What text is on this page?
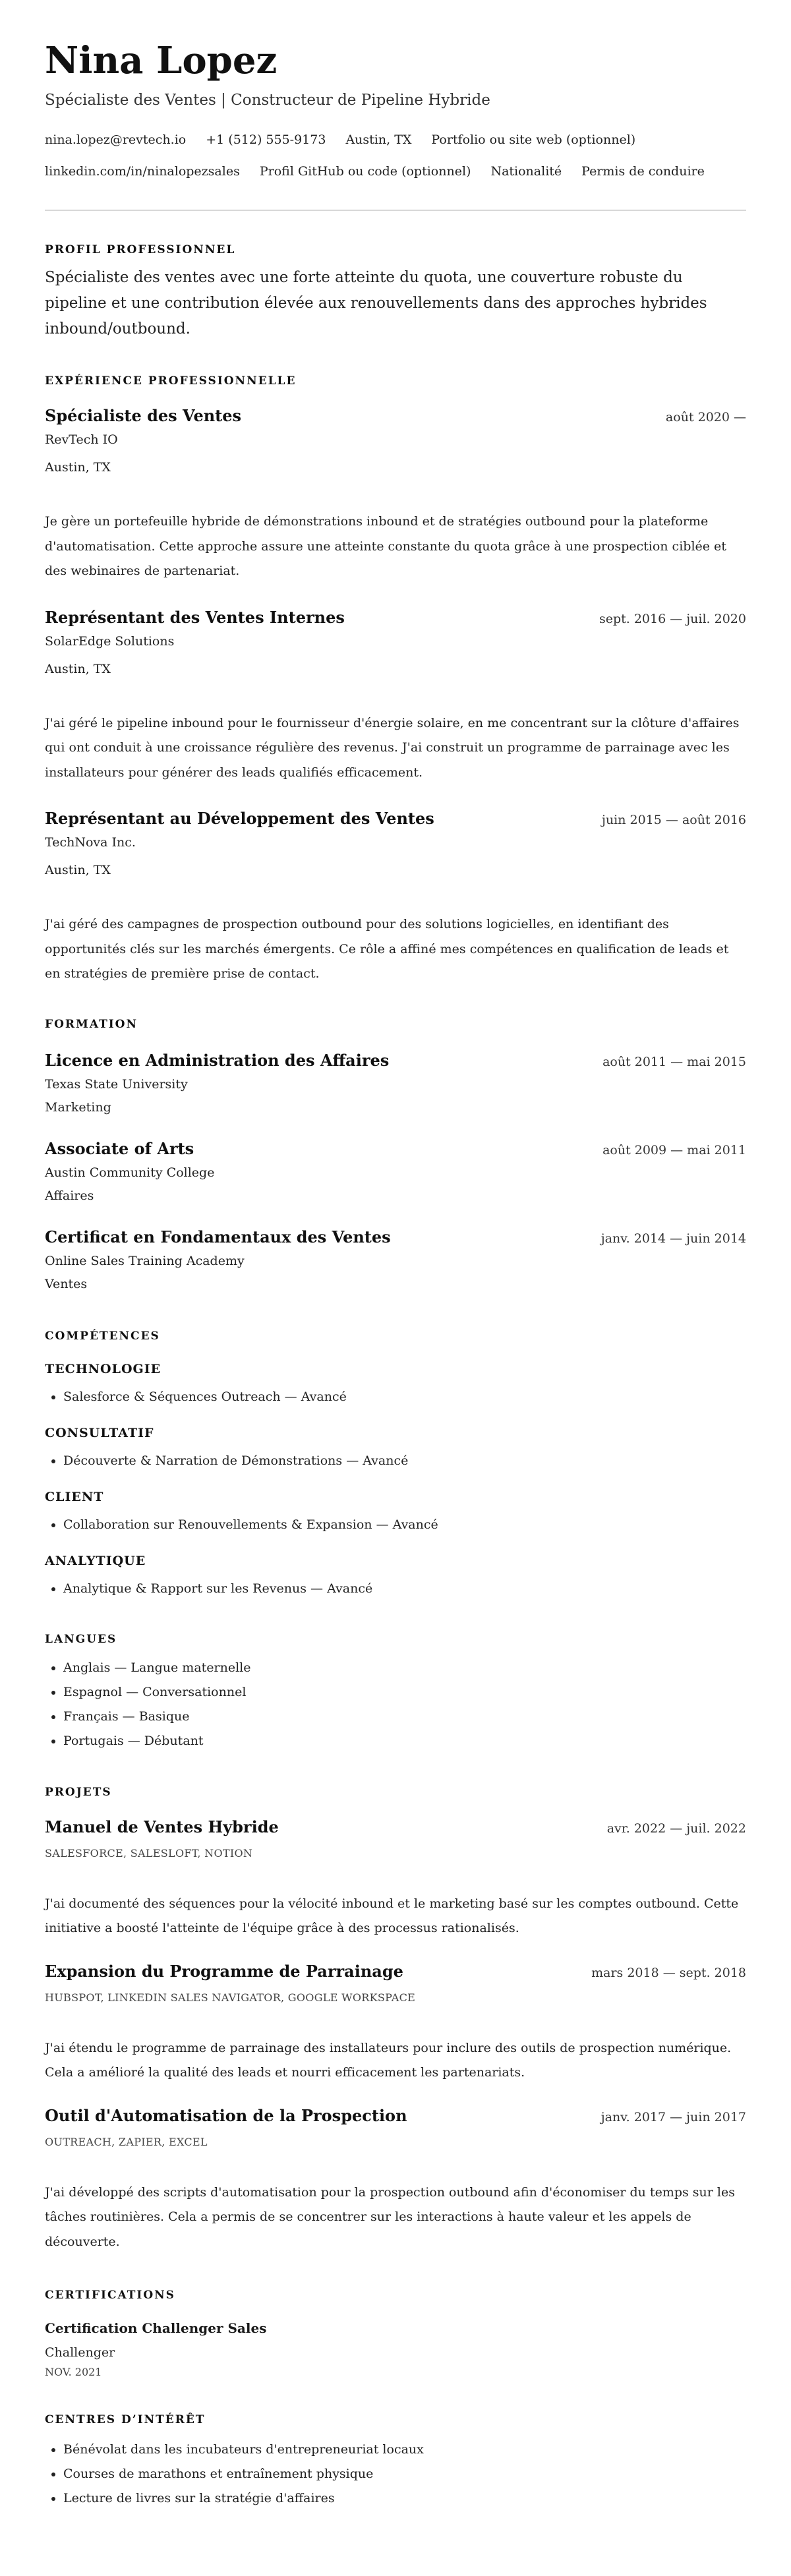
Nina Lopez
Spécialiste des Ventes | Constructeur de Pipeline Hybride
nina.lopez@revtech.io +1 (512) 555-9173 Austin, TX Portfolio ou site web (optionnel)
linkedin.com/in/ninalopezsales Profil GitHub ou code (optionnel) Nationalité Permis de conduire
PROFIL PROFESSIONNEL

Spécialiste des ventes avec une forte atteinte du quota, une couverture robuste du pipeline et une contribution élevée aux renouvellements dans des approches hybrides inbound/outbound.

EXPÉRIENCE PROFESSIONNELLE
Spécialiste des Ventes	août 2020 —
RevTech IO
Austin, TX

Je gère un portefeuille hybride de démonstrations inbound et de stratégies outbound pour la plateforme d'automatisation. Cette approche assure une atteinte constante du quota grâce à une prospection ciblée et des webinaires de partenariat.

Représentant des Ventes Internes	sept. 2016 — juil. 2020
SolarEdge Solutions
Austin, TX

J'ai géré le pipeline inbound pour le fournisseur d'énergie solaire, en me concentrant sur la clôture d'affaires qui ont conduit à une croissance régulière des revenus. J'ai construit un programme de parrainage avec les installateurs pour générer des leads qualifiés efficacement.

Représentant au Développement des Ventes	juin 2015 — août 2016
TechNova Inc.
Austin, TX

J'ai géré des campagnes de prospection outbound pour des solutions logicielles, en identifiant des opportunités clés sur les marchés émergents. Ce rôle a affiné mes compétences en qualification de leads et en stratégies de première prise de contact.

FORMATION
Licence en Administration des Affaires	août 2011 — mai 2015
Texas State University
Marketing
Associate of Arts	août 2009 — mai 2011
Austin Community College
Affaires
Certificat en Fondamentaux des Ventes	janv. 2014 — juin 2014
Online Sales Training Academy
Ventes
COMPÉTENCES
TECHNOLOGIE
• Salesforce & Séquences Outreach — Avancé
CONSULTATIF
• Découverte & Narration de Démonstrations — Avancé
CLIENT
• Collaboration sur Renouvellements & Expansion — Avancé
ANALYTIQUE
• Analytique & Rapport sur les Revenus — Avancé
LANGUES
• Anglais — Langue maternelle
• Espagnol — Conversationnel
• Français — Basique
• Portugais — Débutant
PROJETS
Manuel de Ventes Hybride	avr. 2022 — juil. 2022
SALESFORCE, SALESLOFT, NOTION

J'ai documenté des séquences pour la vélocité inbound et le marketing basé sur les comptes outbound. Cette initiative a boosté l'atteinte de l'équipe grâce à des processus rationalisés.

Expansion du Programme de Parrainage	mars 2018 — sept. 2018
HUBSPOT, LINKEDIN SALES NAVIGATOR, GOOGLE WORKSPACE

J'ai étendu le programme de parrainage des installateurs pour inclure des outils de prospection numérique. Cela a amélioré la qualité des leads et nourri efficacement les partenariats.

Outil d'Automatisation de la Prospection	janv. 2017 — juin 2017
OUTREACH, ZAPIER, EXCEL

J'ai développé des scripts d'automatisation pour la prospection outbound afin d'économiser du temps sur les tâches routinières. Cela a permis de se concentrer sur les interactions à haute valeur et les appels de découverte.

CERTIFICATIONS
Certification Challenger Sales
Challenger
NOV. 2021
CENTRES D’INTÉRÊT
• Bénévolat dans les incubateurs d'entrepreneuriat locaux
• Courses de marathons et entraînement physique
• Lecture de livres sur la stratégie d'affaires
